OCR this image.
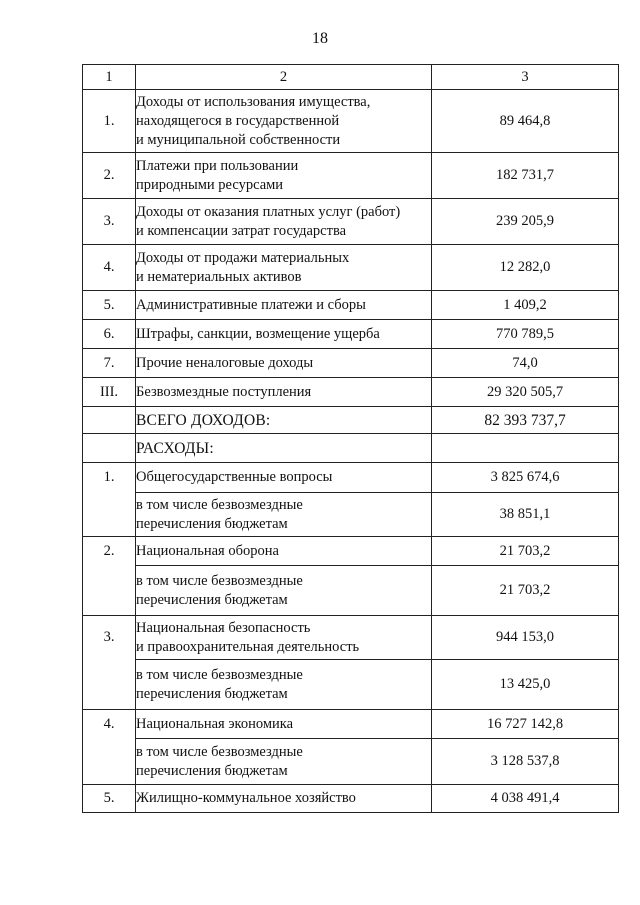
18
1	2	3
1.	Доходы от использования имущества,
находящегося в государственной
и муниципальной собственности	89 464,8
2.	Платежи при пользовании
природными ресурсами	182 731,7
3.	Доходы от оказания платных услуг (работ)
и компенсации затрат государства	239 205,9
4.	Доходы от продажи материальных
и нематериальных активов	12 282,0
5.	Административные платежи и сборы	1 409,2
6.	Штрафы, санкции, возмещение ущерба	770 789,5
7.	Прочие неналоговые доходы	74,0
III.	Безвозмездные поступления	29 320 505,7

	ВСЕГО ДОХОДОВ:	82 393 737,7

	РАСХОДЫ:	

1.	Общегосударственные вопросы	3 825 674,6

	в том числе безвозмездные
перечисления бюджетам	38 851,1
2.	Национальная оборона	21 703,2

	в том числе безвозмездные
перечисления бюджетам	21 703,2
3.	Национальная безопасность
и правоохранительная деятельность	944 153,0

	в том числе безвозмездные
перечисления бюджетам	13 425,0
4.	Национальная экономика	16 727 142,8

	в том числе безвозмездные
перечисления бюджетам	3 128 537,8
5.	Жилищно-коммунальное хозяйство	4 038 491,4
